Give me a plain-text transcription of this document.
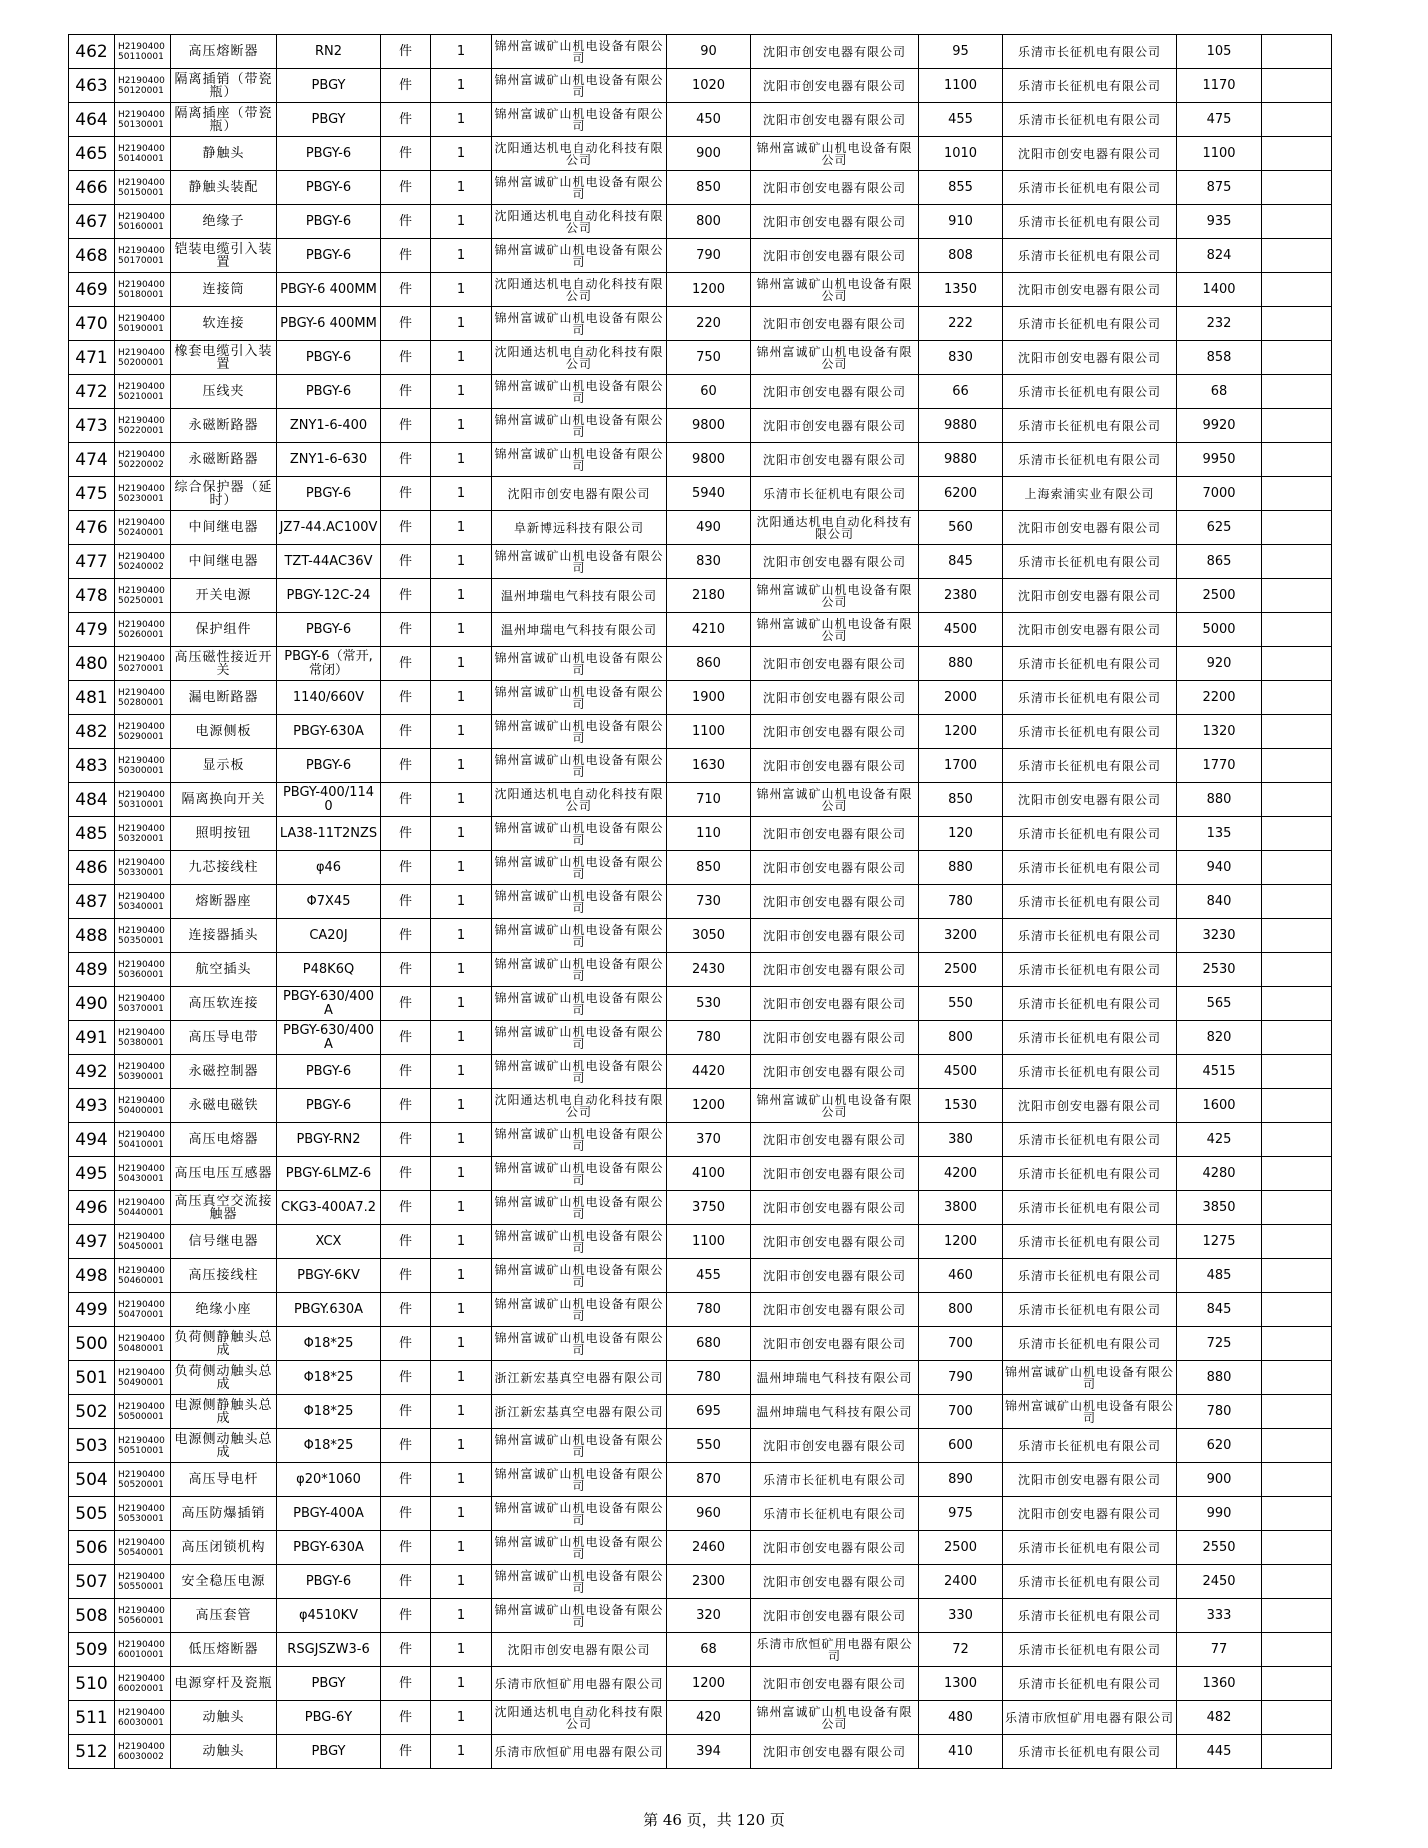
462	H2190400 50110001	高压熔断器	RN2	件	1	锦州富诚矿山机电设备有限公司	90	沈阳市创安电器有限公司	95	乐清市长征机电有限公司	105	
463	H2190400 50120001	隔离插销（带瓷瓶）	PBGY	件	1	锦州富诚矿山机电设备有限公司	1020	沈阳市创安电器有限公司	1100	乐清市长征机电有限公司	1170	
464	H2190400 50130001	隔离插座（带瓷瓶）	PBGY	件	1	锦州富诚矿山机电设备有限公司	450	沈阳市创安电器有限公司	455	乐清市长征机电有限公司	475	
465	H2190400 50140001	静触头	PBGY-6	件	1	沈阳通达机电自动化科技有限公司	900	锦州富诚矿山机电设备有限公司	1010	沈阳市创安电器有限公司	1100	
466	H2190400 50150001	静触头装配	PBGY-6	件	1	锦州富诚矿山机电设备有限公司	850	沈阳市创安电器有限公司	855	乐清市长征机电有限公司	875	
467	H2190400 50160001	绝缘子	PBGY-6	件	1	沈阳通达机电自动化科技有限公司	800	沈阳市创安电器有限公司	910	乐清市长征机电有限公司	935	
468	H2190400 50170001	铠装电缆引入装置	PBGY-6	件	1	锦州富诚矿山机电设备有限公司	790	沈阳市创安电器有限公司	808	乐清市长征机电有限公司	824	
469	H2190400 50180001	连接筒	PBGY-6 400MM	件	1	沈阳通达机电自动化科技有限公司	1200	锦州富诚矿山机电设备有限公司	1350	沈阳市创安电器有限公司	1400	
470	H2190400 50190001	软连接	PBGY-6 400MM	件	1	锦州富诚矿山机电设备有限公司	220	沈阳市创安电器有限公司	222	乐清市长征机电有限公司	232	
471	H2190400 50200001	橡套电缆引入装置	PBGY-6	件	1	沈阳通达机电自动化科技有限公司	750	锦州富诚矿山机电设备有限公司	830	沈阳市创安电器有限公司	858	
472	H2190400 50210001	压线夹	PBGY-6	件	1	锦州富诚矿山机电设备有限公司	60	沈阳市创安电器有限公司	66	乐清市长征机电有限公司	68	
473	H2190400 50220001	永磁断路器	ZNY1-6-400	件	1	锦州富诚矿山机电设备有限公司	9800	沈阳市创安电器有限公司	9880	乐清市长征机电有限公司	9920	
474	H2190400 50220002	永磁断路器	ZNY1-6-630	件	1	锦州富诚矿山机电设备有限公司	9800	沈阳市创安电器有限公司	9880	乐清市长征机电有限公司	9950	
475	H2190400 50230001	综合保护器（延时）	PBGY-6	件	1	沈阳市创安电器有限公司	5940	乐清市长征机电有限公司	6200	上海索浦实业有限公司	7000	
476	H2190400 50240001	中间继电器	JZ7-44.AC100V	件	1	阜新博远科技有限公司	490	沈阳通达机电自动化科技有限公司	560	沈阳市创安电器有限公司	625	
477	H2190400 50240002	中间继电器	TZT-44AC36V	件	1	锦州富诚矿山机电设备有限公司	830	沈阳市创安电器有限公司	845	乐清市长征机电有限公司	865	
478	H2190400 50250001	开关电源	PBGY-12C-24	件	1	温州坤瑞电气科技有限公司	2180	锦州富诚矿山机电设备有限公司	2380	沈阳市创安电器有限公司	2500	
479	H2190400 50260001	保护组件	PBGY-6	件	1	温州坤瑞电气科技有限公司	4210	锦州富诚矿山机电设备有限公司	4500	沈阳市创安电器有限公司	5000	
480	H2190400 50270001	高压磁性接近开关	PBGY-6（常开,常闭）	件	1	锦州富诚矿山机电设备有限公司	860	沈阳市创安电器有限公司	880	乐清市长征机电有限公司	920	
481	H2190400 50280001	漏电断路器	1140/660V	件	1	锦州富诚矿山机电设备有限公司	1900	沈阳市创安电器有限公司	2000	乐清市长征机电有限公司	2200	
482	H2190400 50290001	电源侧板	PBGY-630A	件	1	锦州富诚矿山机电设备有限公司	1100	沈阳市创安电器有限公司	1200	乐清市长征机电有限公司	1320	
483	H2190400 50300001	显示板	PBGY-6	件	1	锦州富诚矿山机电设备有限公司	1630	沈阳市创安电器有限公司	1700	乐清市长征机电有限公司	1770	
484	H2190400 50310001	隔离换向开关	PBGY-400/1140	件	1	沈阳通达机电自动化科技有限公司	710	锦州富诚矿山机电设备有限公司	850	沈阳市创安电器有限公司	880	
485	H2190400 50320001	照明按钮	LA38-11T2NZS	件	1	锦州富诚矿山机电设备有限公司	110	沈阳市创安电器有限公司	120	乐清市长征机电有限公司	135	
486	H2190400 50330001	九芯接线柱	φ46	件	1	锦州富诚矿山机电设备有限公司	850	沈阳市创安电器有限公司	880	乐清市长征机电有限公司	940	
487	H2190400 50340001	熔断器座	Φ7X45	件	1	锦州富诚矿山机电设备有限公司	730	沈阳市创安电器有限公司	780	乐清市长征机电有限公司	840	
488	H2190400 50350001	连接器插头	CA20J	件	1	锦州富诚矿山机电设备有限公司	3050	沈阳市创安电器有限公司	3200	乐清市长征机电有限公司	3230	
489	H2190400 50360001	航空插头	P48K6Q	件	1	锦州富诚矿山机电设备有限公司	2430	沈阳市创安电器有限公司	2500	乐清市长征机电有限公司	2530	
490	H2190400 50370001	高压软连接	PBGY-630/400A	件	1	锦州富诚矿山机电设备有限公司	530	沈阳市创安电器有限公司	550	乐清市长征机电有限公司	565	
491	H2190400 50380001	高压导电带	PBGY-630/400A	件	1	锦州富诚矿山机电设备有限公司	780	沈阳市创安电器有限公司	800	乐清市长征机电有限公司	820	
492	H2190400 50390001	永磁控制器	PBGY-6	件	1	锦州富诚矿山机电设备有限公司	4420	沈阳市创安电器有限公司	4500	乐清市长征机电有限公司	4515	
493	H2190400 50400001	永磁电磁铁	PBGY-6	件	1	沈阳通达机电自动化科技有限公司	1200	锦州富诚矿山机电设备有限公司	1530	沈阳市创安电器有限公司	1600	
494	H2190400 50410001	高压电熔器	PBGY-RN2	件	1	锦州富诚矿山机电设备有限公司	370	沈阳市创安电器有限公司	380	乐清市长征机电有限公司	425	
495	H2190400 50430001	高压电压互感器	PBGY-6LMZ-6	件	1	锦州富诚矿山机电设备有限公司	4100	沈阳市创安电器有限公司	4200	乐清市长征机电有限公司	4280	
496	H2190400 50440001	高压真空交流接触器	CKG3-400A7.2	件	1	锦州富诚矿山机电设备有限公司	3750	沈阳市创安电器有限公司	3800	乐清市长征机电有限公司	3850	
497	H2190400 50450001	信号继电器	XCX	件	1	锦州富诚矿山机电设备有限公司	1100	沈阳市创安电器有限公司	1200	乐清市长征机电有限公司	1275	
498	H2190400 50460001	高压接线柱	PBGY-6KV	件	1	锦州富诚矿山机电设备有限公司	455	沈阳市创安电器有限公司	460	乐清市长征机电有限公司	485	
499	H2190400 50470001	绝缘小座	PBGY.630A	件	1	锦州富诚矿山机电设备有限公司	780	沈阳市创安电器有限公司	800	乐清市长征机电有限公司	845	
500	H2190400 50480001	负荷侧静触头总成	Φ18*25	件	1	锦州富诚矿山机电设备有限公司	680	沈阳市创安电器有限公司	700	乐清市长征机电有限公司	725	
501	H2190400 50490001	负荷侧动触头总成	Φ18*25	件	1	浙江新宏基真空电器有限公司	780	温州坤瑞电气科技有限公司	790	锦州富诚矿山机电设备有限公司	880	
502	H2190400 50500001	电源侧静触头总成	Φ18*25	件	1	浙江新宏基真空电器有限公司	695	温州坤瑞电气科技有限公司	700	锦州富诚矿山机电设备有限公司	780	
503	H2190400 50510001	电源侧动触头总成	Φ18*25	件	1	锦州富诚矿山机电设备有限公司	550	沈阳市创安电器有限公司	600	乐清市长征机电有限公司	620	
504	H2190400 50520001	高压导电杆	φ20*1060	件	1	锦州富诚矿山机电设备有限公司	870	乐清市长征机电有限公司	890	沈阳市创安电器有限公司	900	
505	H2190400 50530001	高压防爆插销	PBGY-400A	件	1	锦州富诚矿山机电设备有限公司	960	乐清市长征机电有限公司	975	沈阳市创安电器有限公司	990	
506	H2190400 50540001	高压闭锁机构	PBGY-630A	件	1	锦州富诚矿山机电设备有限公司	2460	沈阳市创安电器有限公司	2500	乐清市长征机电有限公司	2550	
507	H2190400 50550001	安全稳压电源	PBGY-6	件	1	锦州富诚矿山机电设备有限公司	2300	沈阳市创安电器有限公司	2400	乐清市长征机电有限公司	2450	
508	H2190400 50560001	高压套管	φ4510KV	件	1	锦州富诚矿山机电设备有限公司	320	沈阳市创安电器有限公司	330	乐清市长征机电有限公司	333	
509	H2190400 60010001	低压熔断器	RSGJSZW3-6	件	1	沈阳市创安电器有限公司	68	乐清市欣恒矿用电器有限公司	72	乐清市长征机电有限公司	77	
510	H2190400 60020001	电源穿杆及瓷瓶	PBGY	件	1	乐清市欣恒矿用电器有限公司	1200	沈阳市创安电器有限公司	1300	乐清市长征机电有限公司	1360	
511	H2190400 60030001	动触头	PBG-6Y	件	1	沈阳通达机电自动化科技有限公司	420	锦州富诚矿山机电设备有限公司	480	乐清市欣恒矿用电器有限公司	482	
512	H2190400 60030002	动触头	PBGY	件	1	乐清市欣恒矿用电器有限公司	394	沈阳市创安电器有限公司	410	乐清市长征机电有限公司	445	
第 46 页，共 120 页
